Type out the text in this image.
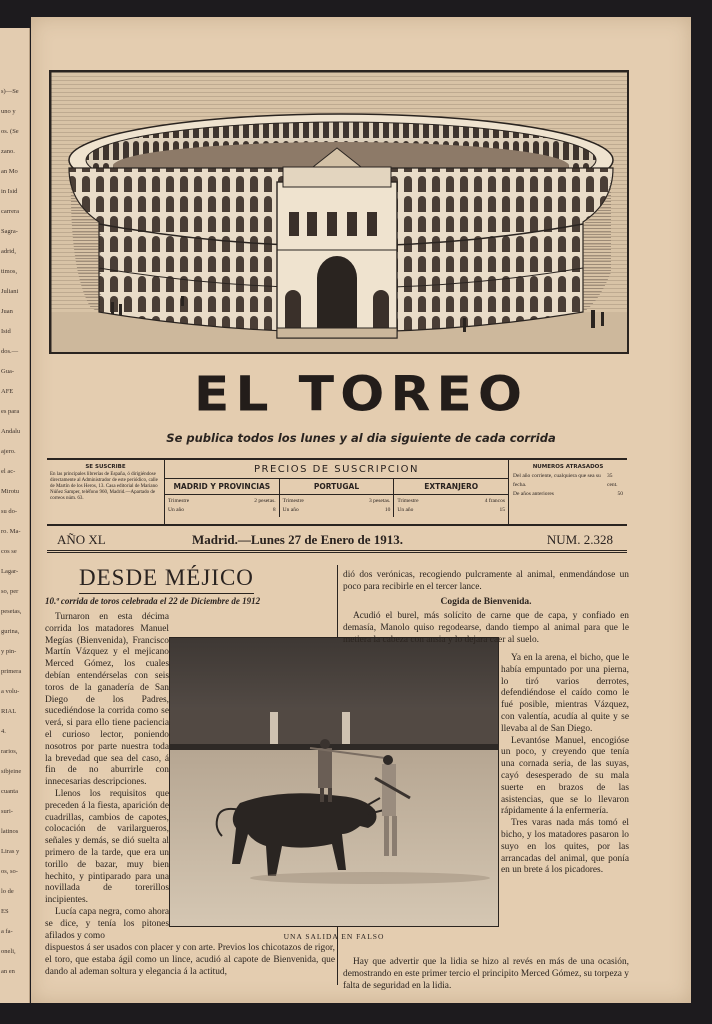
s)—Se
uno y
os. (Se
zano.
an Mo
in Isid
carrera
Sagra-
adrid,
timos,
Juliani
Juan
Isid
dos.—
Gua-
AFE
es para
Andalu
ajero.
el ac-
Mirotu
su do-
ro. Ma-
cos se
Lagar-
so, per
pesetas,
gurina,
y pin-
primera
a volu-
RIAL
4.
rarios,
sibjeine
cuanta
suri-
latinos
Liras y
os, so-
lo de
ES
a fa-
oneli,
an en
EL TOREO
Se publica todos los lunes y al dia siguiente de cada corrida
SE SUSCRIBE
En las principales librerías de España, ó dirigiéndose directamente al Administrador de este periódico, calle de Martín de los Heros, 13. Casa editorial de Mariano Núñez Samper, teléfono 960, Madrid.—Apartado de correos núm. 63.
PRECIOS DE SUSCRIPCION
MADRID Y PROVINCIAS	PORTUGAL	EXTRANJERO
Trimestre	2 pesetas.
Un año	8
Trimestre	3 pesetas.
Un año	10
Trimestre	4 francos
Un año	15
NUMEROS ATRASADOS
Del año corriente, cualquiera que sea su fecha.
35 cent.
De años anteriores	50
AÑO XL	Madrid.—Lunes 27 de Enero de 1913.	NUM. 2.328
DESDE MÉJICO
10.ª corrida de toros celebrada el 22 de Diciembre de 1912

Turnaron en esta décima corrida los matadores Manuel Megías (Bienvenida), Francisco Martín Vázquez y el mejicano Merced Gómez, los cuales debían entendérselas con seis toros de la ganadería de San Diego de los Padres, sucediéndose la corrida como se verá, si para ello tiene paciencia el curioso lector, poniendo nosotros por parte nuestra toda la brevedad que sea del caso, á fin de no aburrirle con innecesarias descripciones.

Llenos los requisitos que preceden á la fiesta, aparición de cuadrillas, cambios de capotes, colocación de varilargueros, señales y demás, se dió suelta al primero de la tarde, que era un torillo de bazar, muy bien hechito, y pintiparado para una novillada de torerillos incipientes.

Lucía capa negra, como ahora se dice, y tenía los pitones afilados y como	UNA SALIDA EN FALSO

dispuestos á ser usados con placer y con arte. Previos los chicotazos de rigor, el toro, que estaba ágil como un lince, acudió al capote de Bienvenida, que dando al ademan soltura y elegancia á la actitud,

dió dos verónicas, recogiendo pulcramente al animal, enmendándose un poco para recibirle en el tercer lance.

Cogida de Bienvenida.

Acudió el burel, más solícito de carne que de capa, y confiado en demasía, Manolo quiso regodearse, dando tiempo al animal para que le metiera la cabeza con ansia y lo dejara caer al suelo.

Ya en la arena, el bicho, que le había empuntado por una pierna, lo tiró varios derrotes, defendiéndose el caído como le fué posible, mientras Vázquez, con valentía, acudía al quite y se llevaba al de San Diego.

Levantóse Manuel, encogióse un poco, y creyendo que tenía una cornada seria, de las suyas, cayó desesperado de su mala suerte en brazos de las asistencias, que se lo llevaron rápidamente á la enfermería.

Tres varas nada más tomó el bicho, y los matadores pasaron lo suyo en los quites, por las arrancadas del animal, que ponía en un brete á los picadores.

Hay que advertir que la lidia se hizo al revés en más de una ocasión, demostrando en este primer tercio el principito Merced Gómez, su torpeza y falta de seguridad en la lidia.
